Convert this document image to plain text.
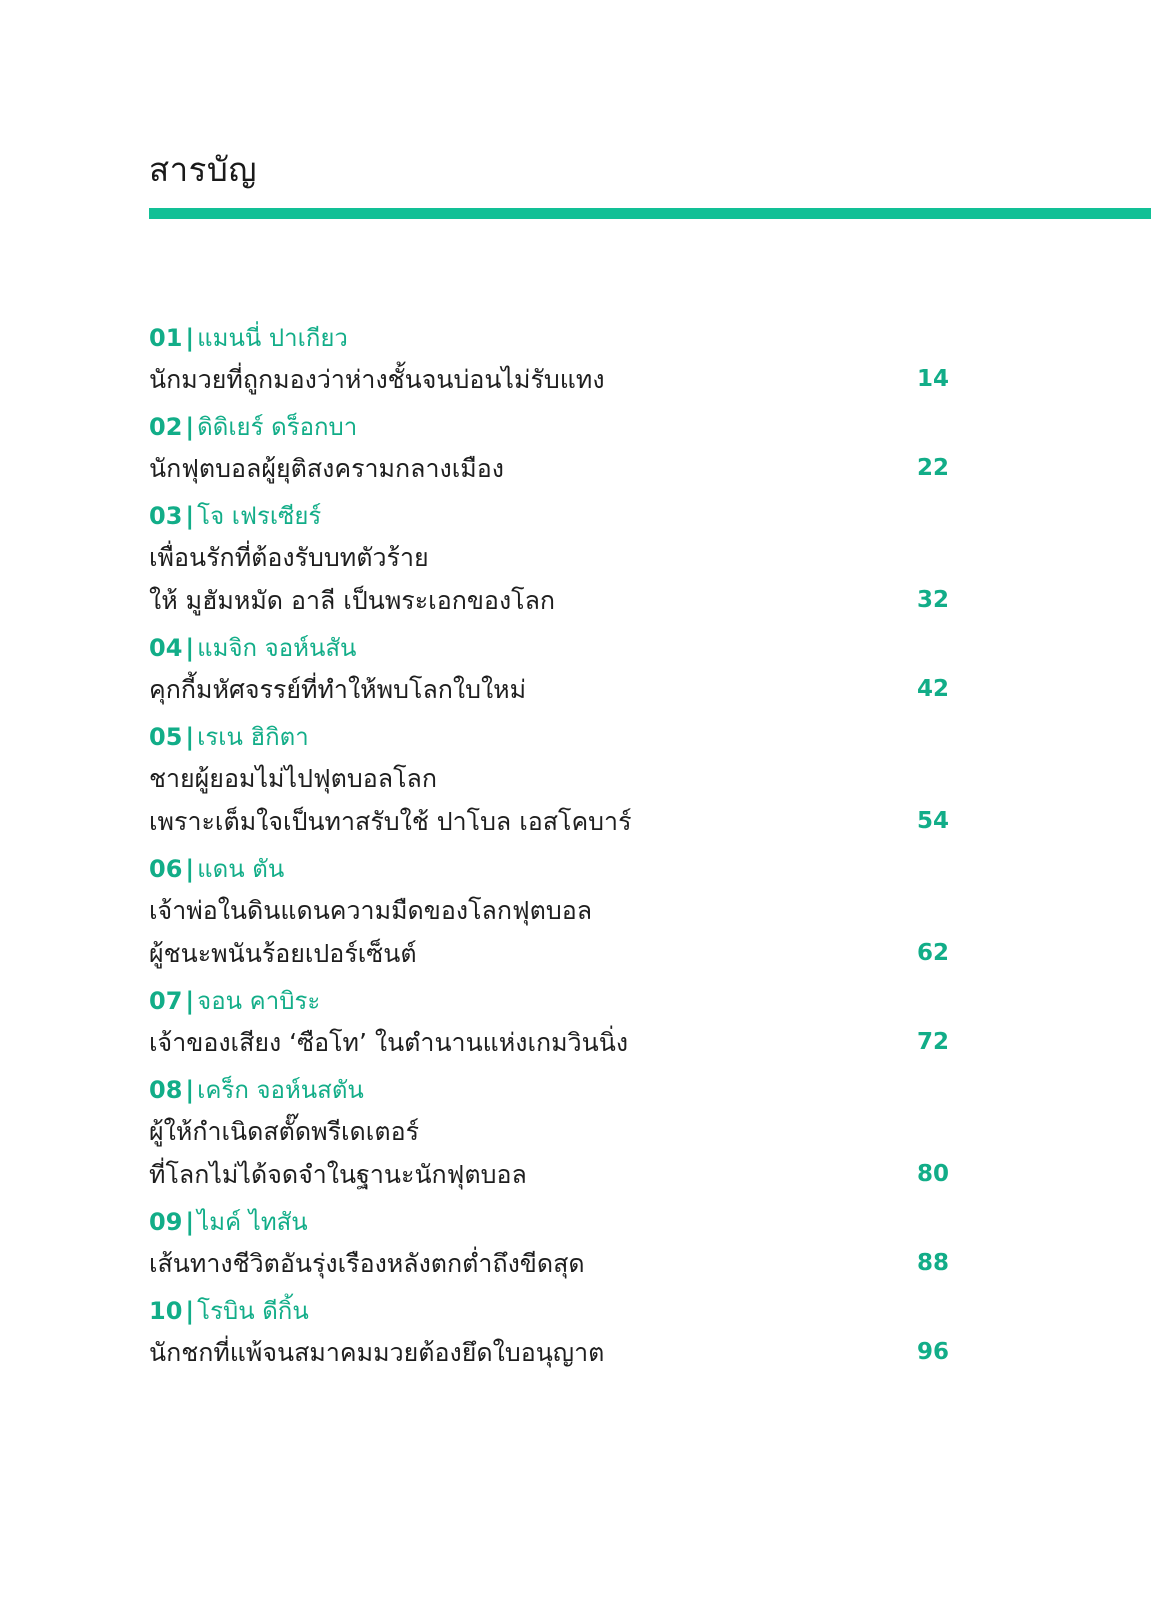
สารบัญ
01 | แมนนี่ ปาเกียว
นักมวยที่ถูกมองว่าห่างชั้นจนบ่อนไม่รับแทง	14
02 | ดิดิเยร์ ดร็อกบา
นักฟุตบอลผู้ยุติสงครามกลางเมือง	22
03 | โจ เฟรเซียร์
เพื่อนรักที่ต้องรับบทตัวร้าย
ให้ มูฮัมหมัด อาลี เป็นพระเอกของโลก	32
04 | แมจิก จอห์นสัน
คุกกี้มหัศจรรย์ที่ทำให้พบโลกใบใหม่	42
05 | เรเน ฮิกิตา
ชายผู้ยอมไม่ไปฟุตบอลโลก
เพราะเต็มใจเป็นทาสรับใช้ ปาโบล เอสโคบาร์	54
06 | แดน ตัน
เจ้าพ่อในดินแดนความมืดของโลกฟุตบอล
ผู้ชนะพนันร้อยเปอร์เซ็นต์	62
07 | จอน คาบิระ
เจ้าของเสียง ‘ซือโท’ ในตำนานแห่งเกมวินนิ่ง	72
08 | เคร็ก จอห์นสตัน
ผู้ให้กำเนิดสตั๊ดพรีเดเตอร์
ที่โลกไม่ได้จดจำในฐานะนักฟุตบอล	80
09 | ไมค์ ไทสัน
เส้นทางชีวิตอันรุ่งเรืองหลังตกต่ำถึงขีดสุด	88
10 | โรบิน ดีกิ้น
นักชกที่แพ้จนสมาคมมวยต้องยึดใบอนุญาต	96
